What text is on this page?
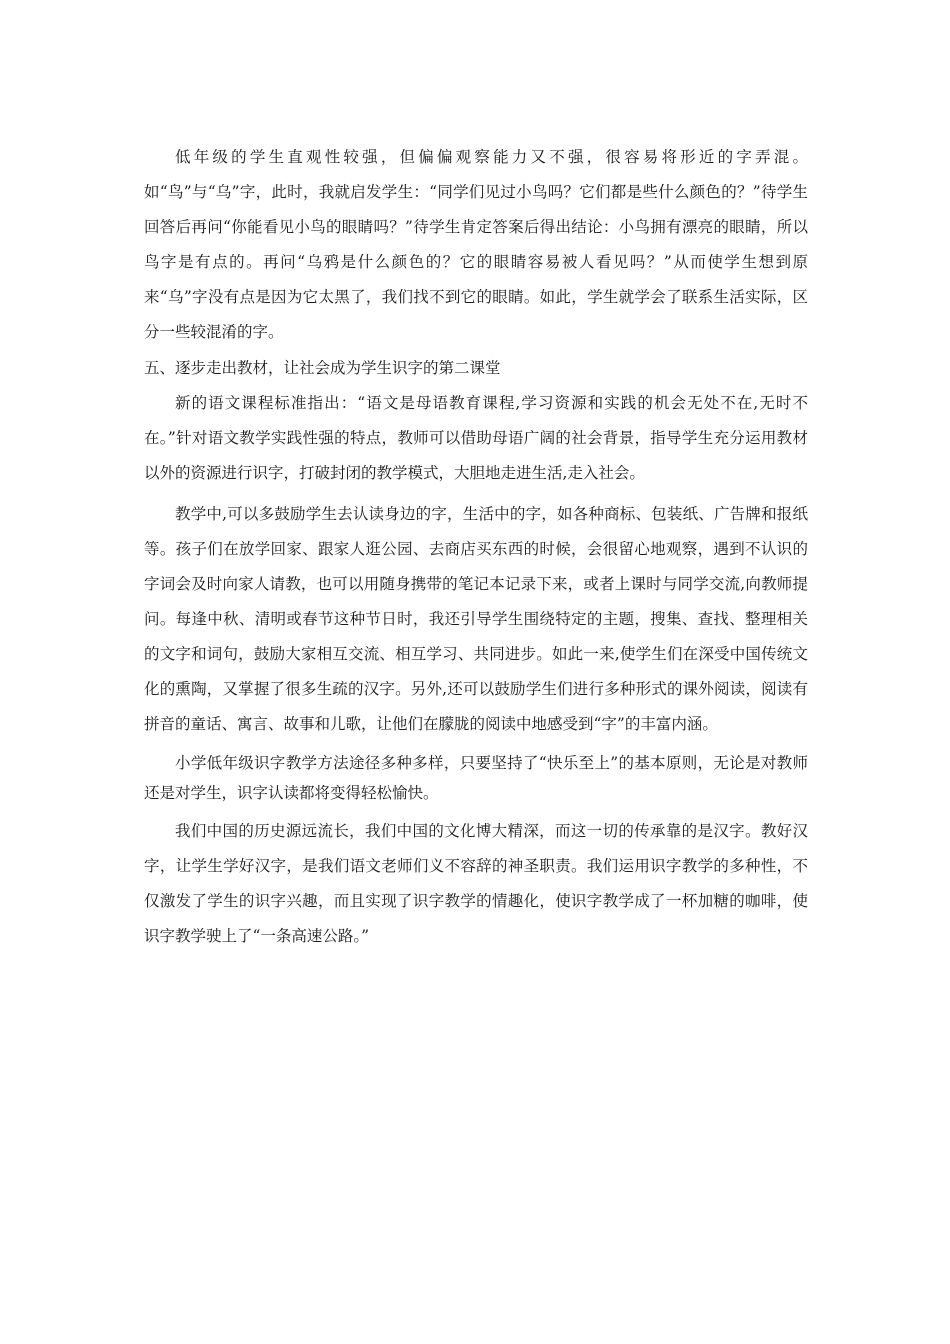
低年级的学生直观性较强，但偏偏观察能力又不强，很容易将形近的字弄混。如“鸟”与“乌”字，此时，我就启发学生：“同学们见过小鸟吗？它们都是些什么颜色的？”待学生回答后再问“你能看见小鸟的眼睛吗？”待学生肯定答案后得出结论：小鸟拥有漂亮的眼睛，所以鸟字是有点的。再问“乌鸦是什么颜色的？它的眼睛容易被人看见吗？”从而使学生想到原来“乌”字没有点是因为它太黑了，我们找不到它的眼睛。如此，学生就学会了联系生活实际，区分一些较混淆的字。

五、逐步走出教材，让社会成为学生识字的第二课堂

新的语文课程标准指出：“语文是母语教育课程,学习资源和实践的机会无处不在,无时不在。”针对语文教学实践性强的特点，教师可以借助母语广阔的社会背景，指导学生充分运用教材以外的资源进行识字，打破封闭的教学模式，大胆地走进生活,走入社会。

教学中,可以多鼓励学生去认读身边的字，生活中的字，如各种商标、包装纸、广告牌和报纸等。孩子们在放学回家、跟家人逛公园、去商店买东西的时候，会很留心地观察，遇到不认识的字词会及时向家人请教，也可以用随身携带的笔记本记录下来，或者上课时与同学交流,向教师提问。每逢中秋、清明或春节这种节日时，我还引导学生围绕特定的主题，搜集、查找、整理相关的文字和词句，鼓励大家相互交流、相互学习、共同进步。如此一来,使学生们在深受中国传统文化的熏陶，又掌握了很多生疏的汉字。另外,还可以鼓励学生们进行多种形式的课外阅读，阅读有拼音的童话、寓言、故事和儿歌，让他们在朦胧的阅读中地感受到“字”的丰富内涵。

小学低年级识字教学方法途径多种多样，只要坚持了“快乐至上”的基本原则，无论是对教师还是对学生，识字认读都将变得轻松愉快。

我们中国的历史源远流长，我们中国的文化博大精深，而这一切的传承靠的是汉字。教好汉字，让学生学好汉字，是我们语文老师们义不容辞的神圣职责。我们运用识字教学的多种性，不仅激发了学生的识字兴趣，而且实现了识字教学的情趣化，使识字教学成了一杯加糖的咖啡，使识字教学驶上了“一条高速公路。”
